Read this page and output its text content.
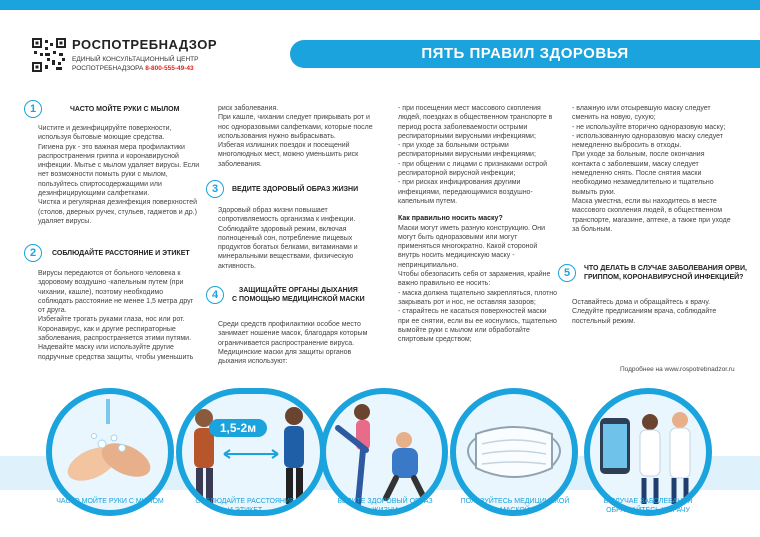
РОСПОТРЕБНАДЗОР
ЕДИНЫЙ КОНСУЛЬТАЦИОННЫЙ ЦЕНТР
РОСПОТРЕБНАДЗОРА 8-800-555-49-43
ПЯТЬ ПРАВИЛ ЗДОРОВЬЯ
1	ЧАСТО МОЙТЕ РУКИ С МЫЛОМ

Чистите и дезинфицируйте поверхности, используя бытовые моющие средства.

Гигиена рук - это важная мера профилактики распространения гриппа и коронавирусной инфекции. Мытье с мылом удаляет вирусы. Если нет возможности помыть руки с мылом, пользуйтесь спиртосодержащими или дезинфицирующими салфетками.

Чистка и регулярная дезинфекция поверхностей (столов, дверных ручек, стульев, гаджетов и др.) удаляет вирусы.

2	СОБЛЮДАЙТЕ РАССТОЯНИЕ И ЭТИКЕТ

Вирусы передаются от больного человека к здоровому воздушно -капельным путем (при чихании, кашле), поэтому необходимо соблюдать расстояние не менее 1,5 метра друг от друга.

Избегайте трогать руками глаза, нос или рот. Коронавирус, как и другие респираторные заболевания, распространяется этими путями.

Надевайте маску или используйте другие подручные средства защиты, чтобы уменьшить

риск заболевания.

При кашле, чихании следует прикрывать рот и нос одноразовыми салфетками, которые после использования нужно выбрасывать.

Избегая излишних поездок и посещений многолюдных мест, можно уменьшить риск заболевания.

3	ВЕДИТЕ ЗДОРОВЫЙ ОБРАЗ ЖИЗНИ

Здоровый образ жизни повышает сопротивляемость организма к инфекции. Соблюдайте здоровый режим, включая полноценный сон, потребление пищевых продуктов богатых белками, витаминами и минеральными веществами, физическую активность.

4	ЗАЩИЩАЙТЕ ОРГАНЫ ДЫХАНИЯ
С ПОМОЩЬЮ МЕДИЦИНСКОЙ МАСКИ

Среди средств профилактики особое место занимает ношение масок, благодаря которым ограничивается распространение вируса.

Медицинские маски для защиты органов дыхания используют:

- при посещении мест массового скопления людей, поездках в общественном транспорте в период роста заболеваемости острыми респираторными вирусными инфекциями;

- при уходе за больными острыми респираторными вирусными инфекциями;

- при общении с лицами с признаками острой респираторной вирусной инфекции;

- при рисках инфицирования другими инфекциями, передающимися воздушно-капельным путем.

Как правильно носить маску?

Маски могут иметь разную конструкцию. Они могут быть одноразовыми или могут применяться многократно. Какой стороной внутрь носить медицинскую маску - непринципиально.

Чтобы обезопасить себя от заражения, крайне важно правильно ее носить:

- маска должна тщательно закрепляться, плотно закрывать рот и нос, не оставляя зазоров;

- старайтесь не касаться поверхностей маски при ее снятии, если вы ее коснулись, тщательно вымойте руки с мылом или обработайте спиртовым средством;

- влажную или отсыревшую маску следует сменить на новую, сухую;

- не используйте вторично одноразовую маску;

- использованную одноразовую маску следует немедленно выбросить в отходы.

При уходе за больным, после окончания контакта с заболевшим, маску следует немедленно снять. После снятия маски необходимо незамедлительно и тщательно вымыть руки.

Маска уместна, если вы находитесь в месте массового скопления людей, в общественном транспорте, магазине, аптеке, а также при уходе за больным.

5	ЧТО ДЕЛАТЬ В СЛУЧАЕ ЗАБОЛЕВАНИЯ ОРВИ,
ГРИППОМ, КОРОНАВИРУСНОЙ ИНФЕКЦИЕЙ?

Оставайтесь дома и обращайтесь к врачу.

Следуйте предписаниям врача, соблюдайте постельный режим.

Подробнее на www.rospotrebnadzor.ru
1,5-2м
ЧАСТО МОЙТЕ РУКИ С МЫЛОМ	СОБЛЮДАЙТЕ РАССТОЯНИЕ
И ЭТИКЕТ
ВЕДИТЕ ЗДОРОВЫЙ ОБРАЗ
ЖИЗНИ
ПОЛЬЗУЙТЕСЬ МЕДИЦИНСКОЙ
МАСКОЙ
В СЛУЧАЕ ЗАБОЛЕВАНИЯ
ОБРАЩАЙТЕСЬ К ВРАЧУ
